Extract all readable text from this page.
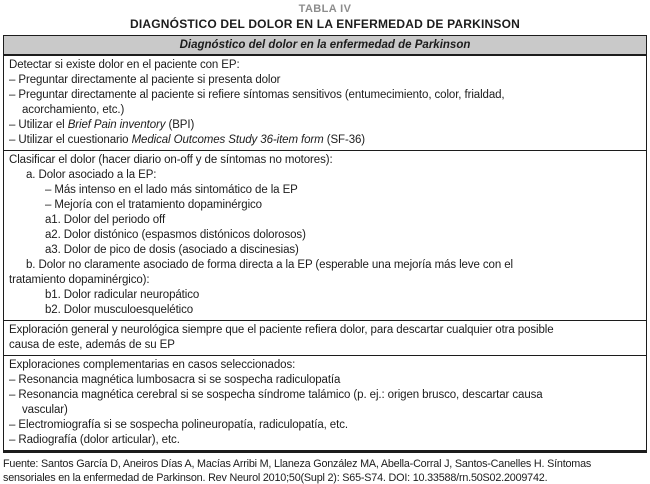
TABLA IV
DIAGNÓSTICO DEL DOLOR EN LA ENFERMEDAD DE PARKINSON
Diagnóstico del dolor en la enfermedad de Parkinson
Detectar si existe dolor en el paciente con EP:
– Preguntar directamente al paciente si presenta dolor
– Preguntar directamente al paciente si refiere síntomas sensitivos (entumecimiento, color, frialdad,
acorchamiento, etc.)
– Utilizar el Brief Pain inventory (BPI)
– Utilizar el cuestionario Medical Outcomes Study 36-item form (SF-36)
Clasificar el dolor (hacer diario on-off y de síntomas no motores):
a. Dolor asociado a la EP:
– Más intenso en el lado más sintomático de la EP
– Mejoría con el tratamiento dopaminérgico
a1. Dolor del periodo off
a2. Dolor distónico (espasmos distónicos dolorosos)
a3. Dolor de pico de dosis (asociado a discinesias)
b. Dolor no claramente asociado de forma directa a la EP (esperable una mejoría más leve con el
tratamiento dopaminérgico):
b1. Dolor radicular neuropático
b2. Dolor musculoesquelético
Exploración general y neurológica siempre que el paciente refiera dolor, para descartar cualquier otra posible
causa de este, además de su EP
Exploraciones complementarias en casos seleccionados:
– Resonancia magnética lumbosacra si se sospecha radiculopatía
– Resonancia magnética cerebral si se sospecha síndrome talámico (p. ej.: origen brusco, descartar causa
vascular)
– Electromiografía si se sospecha polineuropatía, radiculopatía, etc.
– Radiografía (dolor articular), etc.
Fuente: Santos García D, Aneiros Días A, Macías Arribi M, Llaneza González MA, Abella-Corral J, Santos-Canelles H. Síntomas
sensoriales en la enfermedad de Parkinson. Rev Neurol 2010;50(Supl 2): S65-S74. DOI: 10.33588/rn.50S02.2009742.
